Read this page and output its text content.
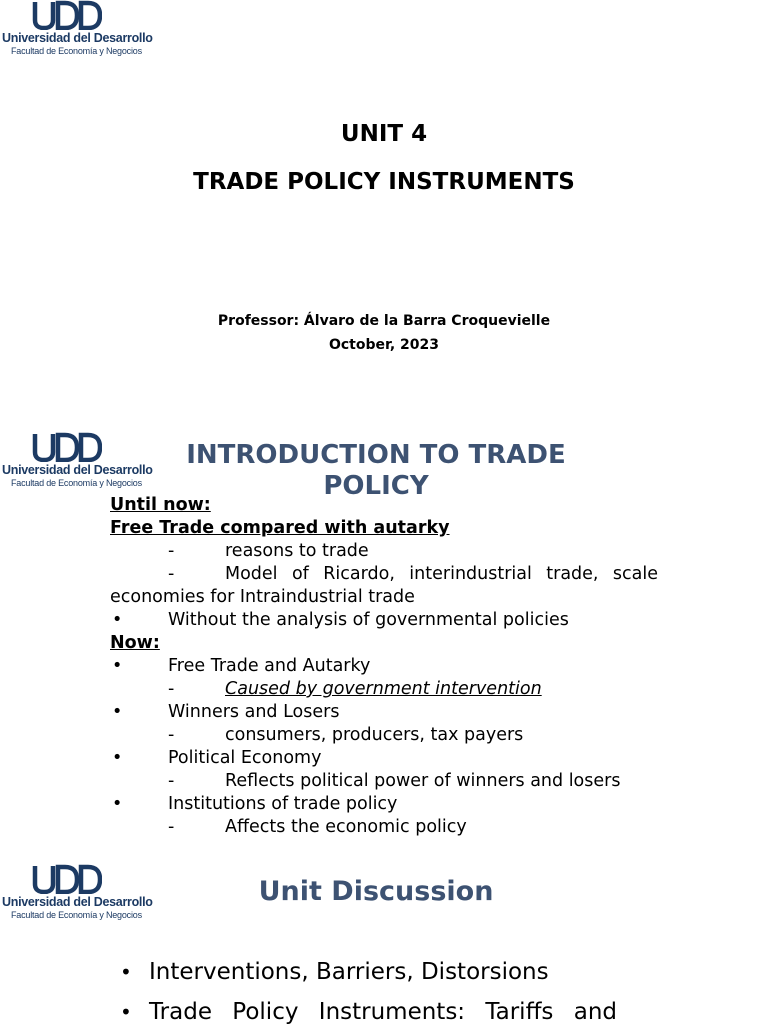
Universidad del Desarrollo
Facultad de Economía y Negocios
UNIT 4
TRADE POLICY INSTRUMENTS
Professor: Álvaro de la Barra Croquevielle
October, 2023
Universidad del Desarrollo
Facultad de Economía y Negocios
INTRODUCTION TO TRADE POLICY
Until now:
Free Trade compared with autarky
-	reasons to trade
-	Model of Ricardo, interindustrial trade, scale
economies for Intraindustrial trade
•	Without the analysis of governmental policies
Now:
•	Free Trade and Autarky
-	Caused by government intervention
•	Winners and Losers
-	consumers, producers, tax payers
•	Political Economy
-	Reflects political power of winners and losers
•	Institutions of trade policy
-	Affects the economic policy
Universidad del Desarrollo
Facultad de Economía y Negocios
Unit Discussion
• Interventions, Barriers, Distorsions
• Trade Policy Instruments: Tariffs and
